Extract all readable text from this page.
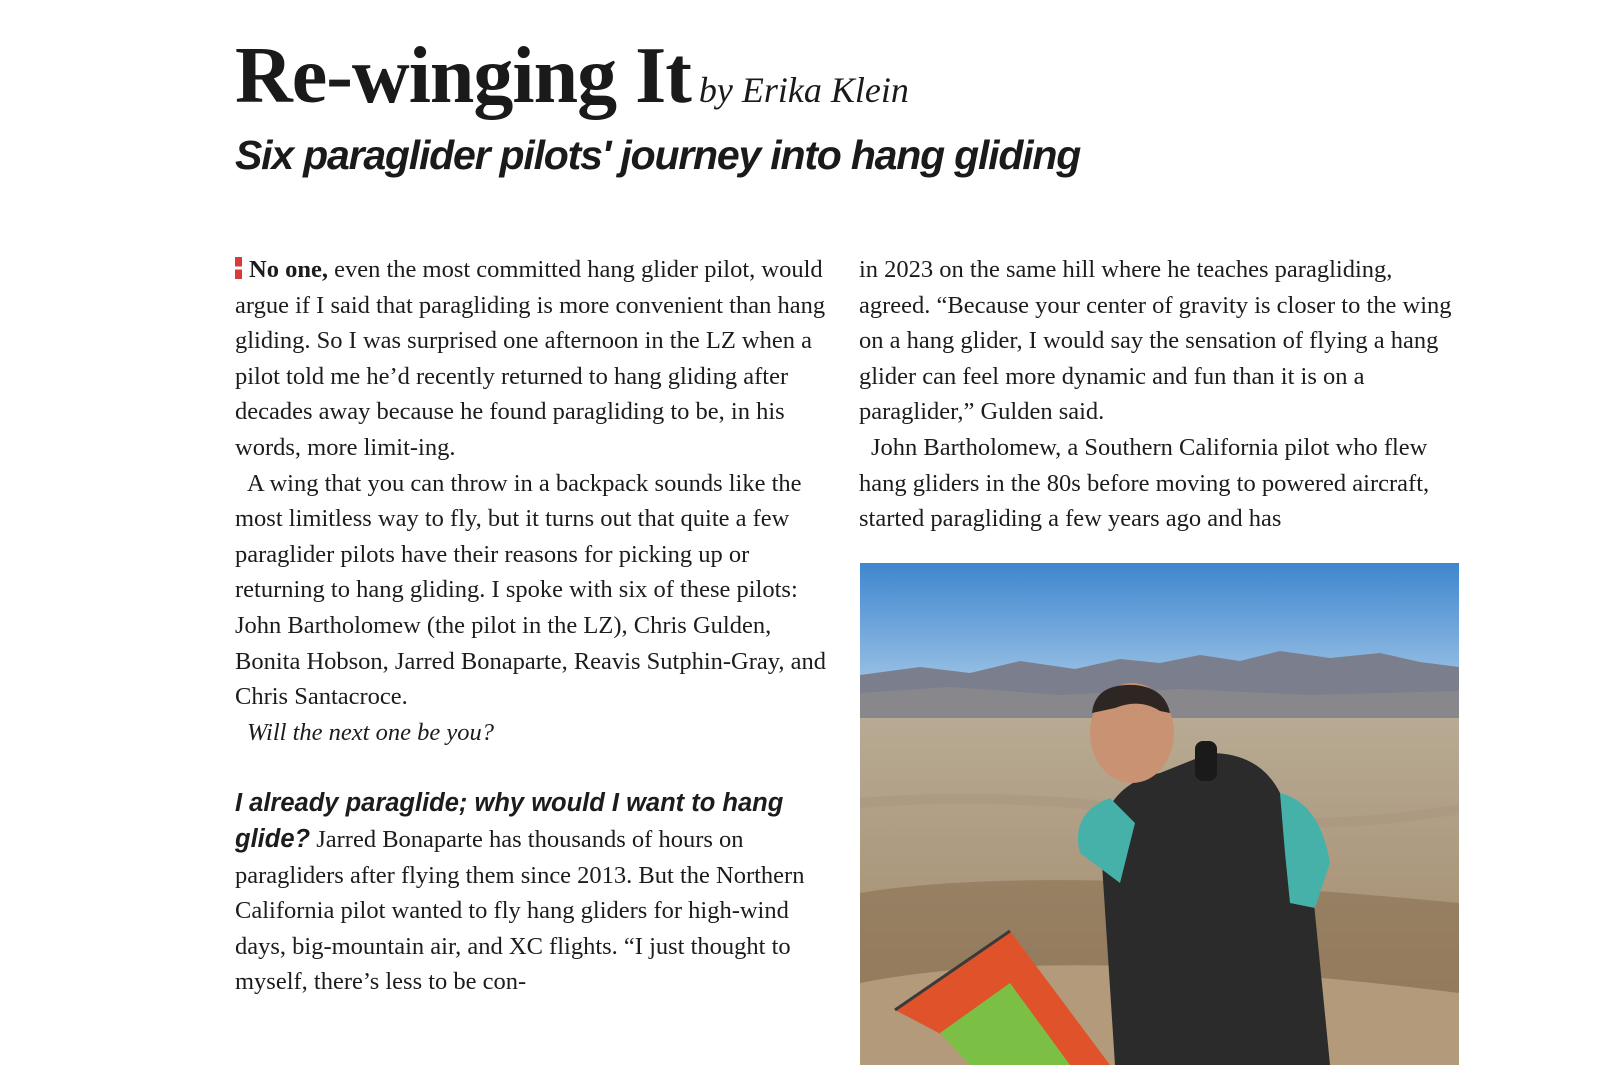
Re-winging It by Erika Klein
Six paraglider pilots' journey into hang gliding

No one, even the most committed hang glider pilot, would argue if I said that paragliding is more convenient than hang gliding. So I was surprised one afternoon in the LZ when a pilot told me he’d recently returned to hang gliding after decades away because he found paragliding to be, in his words, more limit-ing.

A wing that you can throw in a backpack sounds like the most limitless way to fly, but it turns out that quite a few paraglider pilots have their reasons for picking up or returning to hang gliding. I spoke with six of these pilots: John Bartholomew (the pilot in the LZ), Chris Gulden, Bonita Hobson, Jarred Bonaparte, Reavis Sutphin-Gray, and Chris Santacroce.

Will the next one be you?

I already paraglide; why would I want to hang glide? Jarred Bonaparte has thousands of hours on paragliders after flying them since 2013. But the Northern California pilot wanted to fly hang gliders for high-wind days, big-mountain air, and XC flights. “I just thought to myself, there’s less to be con-

in 2023 on the same hill where he teaches paragliding, agreed. “Because your center of gravity is closer to the wing on a hang glider, I would say the sensation of flying a hang glider can feel more dynamic and fun than it is on a paraglider,” Gulden said.

John Bartholomew, a Southern California pilot who flew hang gliders in the 80s before moving to powered aircraft, started paragliding a few years ago and has
